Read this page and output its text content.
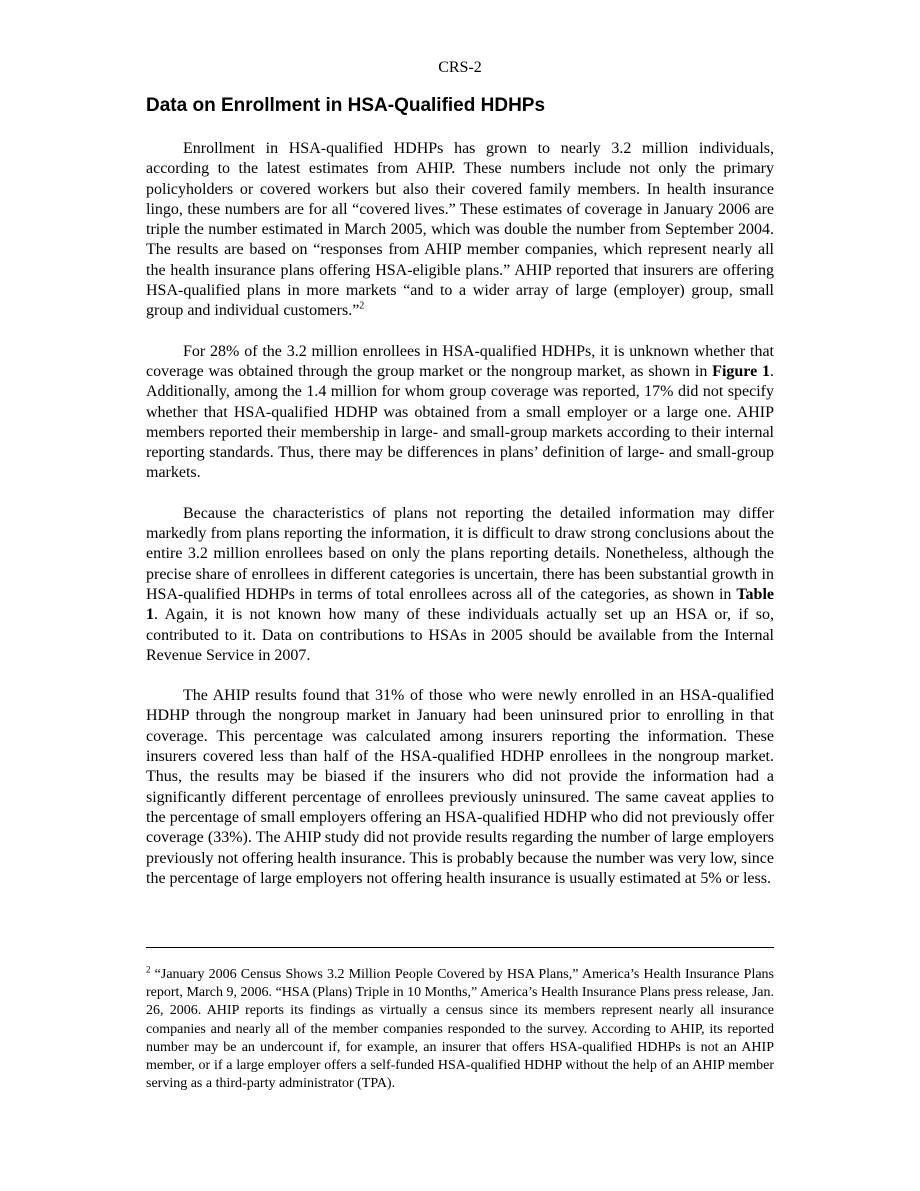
CRS-2
Data on Enrollment in HSA-Qualified HDHPs

Enrollment in HSA-qualified HDHPs has grown to nearly 3.2 million individuals, according to the latest estimates from AHIP. These numbers include not only the primary policyholders or covered workers but also their covered family members. In health insurance lingo, these numbers are for all “covered lives.” These estimates of coverage in January 2006 are triple the number estimated in March 2005, which was double the number from September 2004. The results are based on “responses from AHIP member companies, which represent nearly all the health insurance plans offering HSA-eligible plans.” AHIP reported that insurers are offering HSA-qualified plans in more markets “and to a wider array of large (employer) group, small group and individual customers.”$^2$

For 28% of the 3.2 million enrollees in HSA-qualified HDHPs, it is unknown whether that coverage was obtained through the group market or the nongroup market, as shown in Figure 1. Additionally, among the 1.4 million for whom group coverage was reported, 17% did not specify whether that HSA-qualified HDHP was obtained from a small employer or a large one. AHIP members reported their membership in large- and small-group markets according to their internal reporting standards. Thus, there may be differences in plans’ definition of large- and small-group markets.

Because the characteristics of plans not reporting the detailed information may differ markedly from plans reporting the information, it is difficult to draw strong conclusions about the entire 3.2 million enrollees based on only the plans reporting details. Nonetheless, although the precise share of enrollees in different categories is uncertain, there has been substantial growth in HSA-qualified HDHPs in terms of total enrollees across all of the categories, as shown in Table 1. Again, it is not known how many of these individuals actually set up an HSA or, if so, contributed to it. Data on contributions to HSAs in 2005 should be available from the Internal Revenue Service in 2007.

The AHIP results found that 31% of those who were newly enrolled in an HSA-qualified HDHP through the nongroup market in January had been uninsured prior to enrolling in that coverage. This percentage was calculated among insurers reporting the information. These insurers covered less than half of the HSA-qualified HDHP enrollees in the nongroup market. Thus, the results may be biased if the insurers who did not provide the information had a significantly different percentage of enrollees previously uninsured. The same caveat applies to the percentage of small employers offering an HSA-qualified HDHP who did not previously offer coverage (33%). The AHIP study did not provide results regarding the number of large employers previously not offering health insurance. This is probably because the number was very low, since the percentage of large employers not offering health insurance is usually estimated at 5% or less.

$^2$ “January 2006 Census Shows 3.2 Million People Covered by HSA Plans,” America’s Health Insurance Plans report, March 9, 2006. “HSA (Plans) Triple in 10 Months,” America’s Health Insurance Plans press release, Jan. 26, 2006. AHIP reports its findings as virtually a census since its members represent nearly all insurance companies and nearly all of the member companies responded to the survey. According to AHIP, its reported number may be an undercount if, for example, an insurer that offers HSA-qualified HDHPs is not an AHIP member, or if a large employer offers a self-funded HSA-qualified HDHP without the help of an AHIP member serving as a third-party administrator (TPA).
